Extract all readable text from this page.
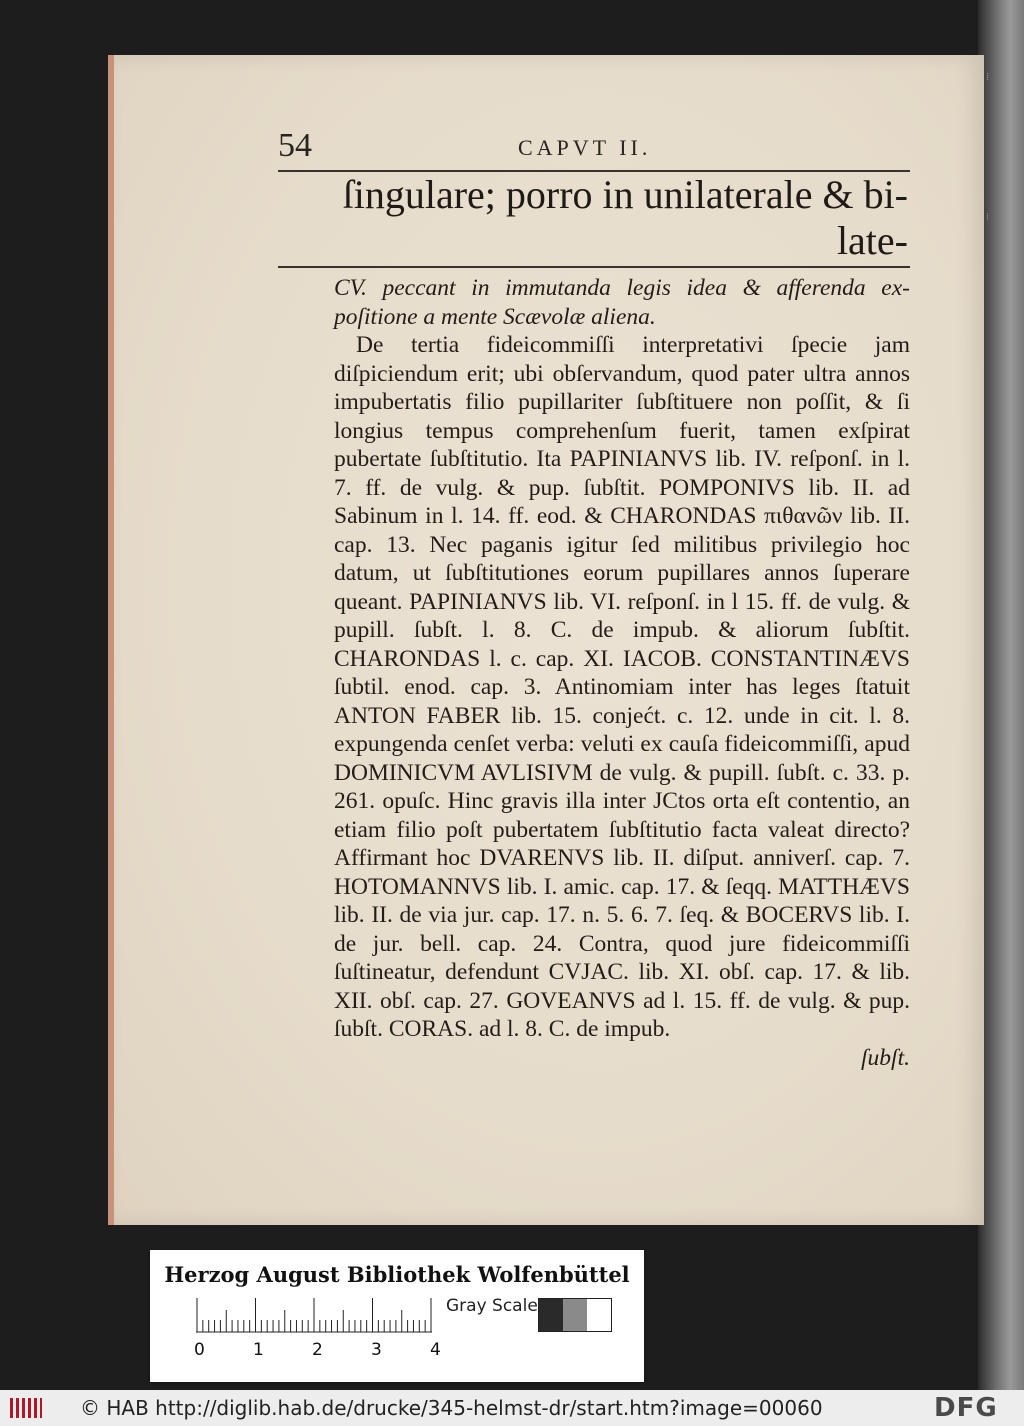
⁞
⁞
54	CAPVT II.
ſingulare; porro in unilaterale & bi-
late-

CV. peccant in immutanda legis idea & afferenda ex- poſitione a mente Scævolæ aliena.

De tertia fideicommiſſi interpretativi ſpecie jam diſpiciendum erit; ubi obſervandum, quod pater ultra annos impubertatis filio pupillariter ſubſtituere non poſſit, & ſi longius tempus comprehenſum fuerit, tamen exſpirat pubertate ſubſtitutio. Ita PAPINIANVS lib. IV. reſponſ. in l. 7. ff. de vulg. & pup. ſubſtit. POMPONIVS lib. II. ad Sabinum in l. 14. ff. eod. & CHARONDAS πιθανῶν lib. II. cap. 13. Nec paganis igitur ſed militibus privilegio hoc datum, ut ſubſtitutiones eorum pupillares annos ſuperare queant. PAPINIANVS lib. VI. reſponſ. in l 15. ff. de vulg. & pupill. ſubſt. l. 8. C. de impub. & aliorum ſubſtit. CHARONDAS l. c. cap. XI. IACOB. CONSTANTINÆVS ſubtil. enod. cap. 3. Antinomiam inter has leges ſtatuit ANTON FABER lib. 15. conjećt. c. 12. unde in cit. l. 8. expungenda cenſet verba: veluti ex cauſa fideicommiſſi, apud DOMINICVM AVLISIVM de vulg. & pupill. ſubſt. c. 33. p. 261. opuſc. Hinc gravis illa inter JCtos orta eſt contentio, an etiam filio poſt pubertatem ſubſtitutio facta valeat directo? Affirmant hoc DVARENVS lib. II. diſput. anniverſ. cap. 7. HOTOMANNVS lib. I. amic. cap. 17. & ſeqq. MATTHÆVS lib. II. de via jur. cap. 17. n. 5. 6. 7. ſeq. & BOCERVS lib. I. de jur. bell. cap. 24. Contra, quod jure fideicommiſſi ſuſtineatur, defendunt CVJAC. lib. XI. obſ. cap. 17. & lib. XII. obſ. cap. 27. GOVEANVS ad l. 15. ff. de vulg. & pup. ſubſt. CORAS. ad l. 8. C. de impub.

ſubſt.

Herzog August Bibliothek Wolfenbüttel
Gray Scale
0	1	2	3	4
© HAB http://diglib.hab.de/drucke/345-helmst-dr/start.htm?image=00060	DFG
